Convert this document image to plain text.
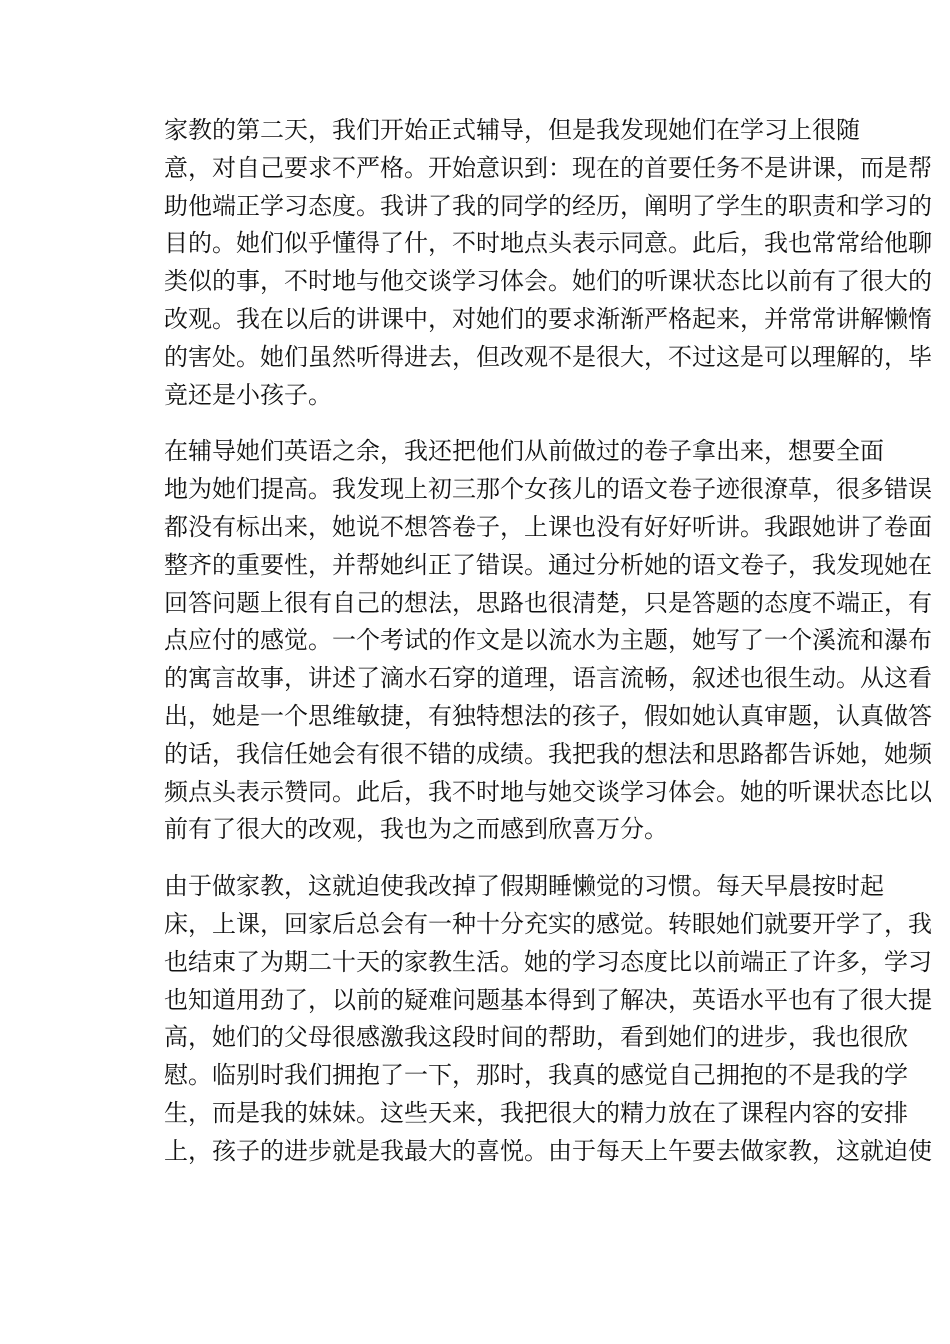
家教的第二天，我们开始正式辅导，但是我发现她们在学习上很随
意，对自己要求不严格。开始意识到：现在的首要任务不是讲课，而是帮
助他端正学习态度。我讲了我的同学的经历，阐明了学生的职责和学习的
目的。她们似乎懂得了什，不时地点头表示同意。此后，我也常常给他聊
类似的事，不时地与他交谈学习体会。她们的听课状态比以前有了很大的
改观。我在以后的讲课中，对她们的要求渐渐严格起来，并常常讲解懒惰
的害处。她们虽然听得进去，但改观不是很大，不过这是可以理解的，毕
竟还是小孩子。

在辅导她们英语之余，我还把他们从前做过的卷子拿出来，想要全面
地为她们提高。我发现上初三那个女孩儿的语文卷子迹很潦草，很多错误
都没有标出来，她说不想答卷子，上课也没有好好听讲。我跟她讲了卷面
整齐的重要性，并帮她纠正了错误。通过分析她的语文卷子，我发现她在
回答问题上很有自己的想法，思路也很清楚，只是答题的态度不端正，有
点应付的感觉。一个考试的作文是以流水为主题，她写了一个溪流和瀑布
的寓言故事，讲述了滴水石穿的道理，语言流畅，叙述也很生动。从这看
出，她是一个思维敏捷，有独特想法的孩子，假如她认真审题，认真做答
的话，我信任她会有很不错的成绩。我把我的想法和思路都告诉她，她频
频点头表示赞同。此后，我不时地与她交谈学习体会。她的听课状态比以
前有了很大的改观，我也为之而感到欣喜万分。

由于做家教，这就迫使我改掉了假期睡懒觉的习惯。每天早晨按时起
床，上课，回家后总会有一种十分充实的感觉。转眼她们就要开学了，我
也结束了为期二十天的家教生活。她的学习态度比以前端正了许多，学习
也知道用劲了，以前的疑难问题基本得到了解决，英语水平也有了很大提
高，她们的父母很感激我这段时间的帮助，看到她们的进步，我也很欣
慰。临别时我们拥抱了一下，那时，我真的感觉自己拥抱的不是我的学
生，而是我的妹妹。这些天来，我把很大的精力放在了课程内容的安排
上，孩子的进步就是我最大的喜悦。由于每天上午要去做家教，这就迫使
